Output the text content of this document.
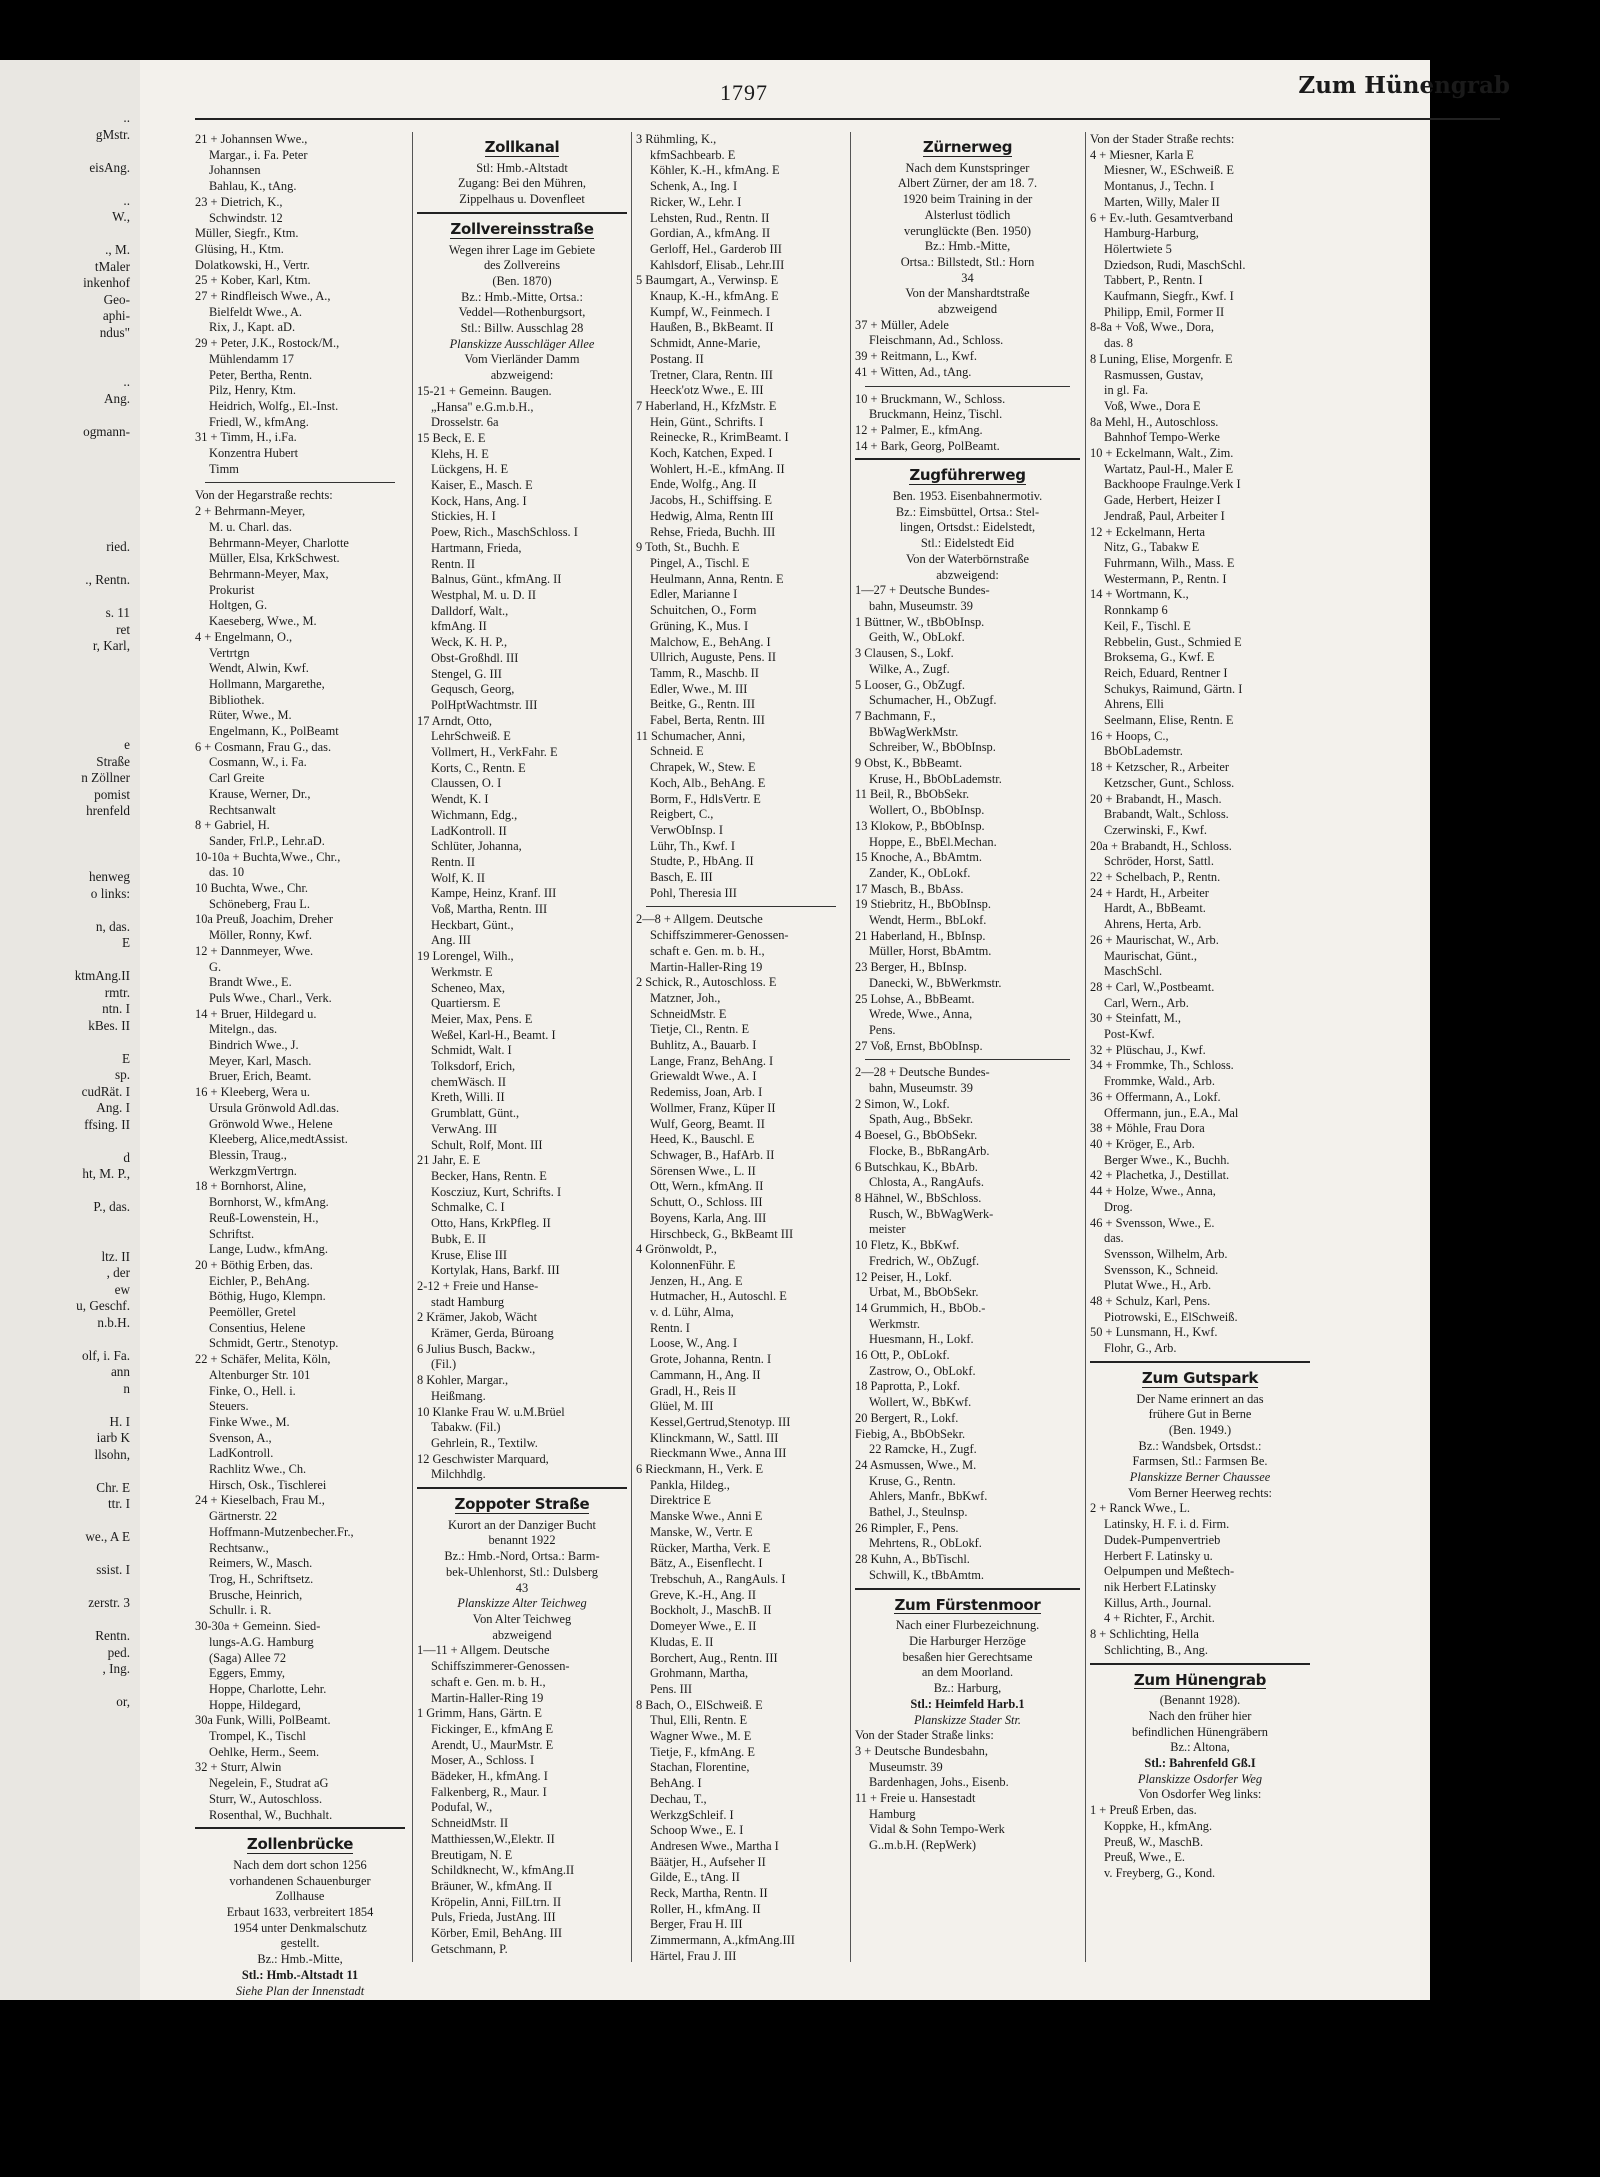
..
gMstr.

eisAng.

..
W.,

., M.
tMaler
inkenhof
Geo-
aphi-
ndus"

..
Ang.

ogmann-

ried.

., Rentn.

s. 11
ret
r, Karl,

e
Straße
n Zöllner
pomist
hrenfeld

henweg
o links:

n, das.
E

ktmAng.II
rmtr.
ntn. I
kBes. II

E
sp.
cudRät. I
Ang. I
ffsing. II

d
ht, M. P.,

P., das.

ltz. II
, der
ew
u, Geschf.
n.b.H.

olf, i. Fa.
ann
n

H. I
iarb K
llsohn,

Chr. E
ttr. I

we., A E

ssist. I

zerstr. 3

Rentn.
ped.
, Ing.

or,
1797	Zum Hünengrab
21 + Johannsen Wwe.,
Margar., i. Fa. Peter
Johannsen
Bahlau, K., tAng.
23 + Dietrich, K.,
Schwindstr. 12
Müller, Siegfr., Ktm.
Glüsing, H., Ktm.
Dolatkowski, H., Vertr.
25 + Kober, Karl, Ktm.
27 + Rindfleisch Wwe., A.,
Bielfeldt Wwe., A.
Rix, J., Kapt. aD.
29 + Peter, J.K., Rostock/M.,
Mühlendamm 17
Peter, Bertha, Rentn.
Pilz, Henry, Ktm.
Heidrich, Wolfg., El.-Inst.
Friedl, W., kfmAng.
31 + Timm, H., i.Fa.
Konzentra Hubert
Timm
Von der Hegarstraße rechts:
2 + Behrmann-Meyer,
M. u. Charl. das.
Behrmann-Meyer, Charlotte
Müller, Elsa, KrkSchwest.
Behrmann-Meyer, Max,
Prokurist
Holtgen, G.
Kaeseberg, Wwe., M.
4 + Engelmann, O.,
Vertrtgn
Wendt, Alwin, Kwf.
Hollmann, Margarethe,
Bibliothek.
Rüter, Wwe., M.
Engelmann, K., PolBeamt
6 + Cosmann, Frau G., das.
Cosmann, W., i. Fa.
Carl Greite
Krause, Werner, Dr.,
Rechtsanwalt
8 + Gabriel, H.
Sander, Frl.P., Lehr.aD.
10-10a + Buchta,Wwe., Chr.,
das. 10
10 Buchta, Wwe., Chr.
Schöneberg, Frau L.
10a Preuß, Joachim, Dreher
Möller, Ronny, Kwf.
12 + Dannmeyer, Wwe.
G.
Brandt Wwe., E.
Puls Wwe., Charl., Verk.
14 + Bruer, Hildegard u.
Mitelgn., das.
Bindrich Wwe., J.
Meyer, Karl, Masch.
Bruer, Erich, Beamt.
16 + Kleeberg, Wera u.
Ursula Grönwold Adl.das.
Grönwold Wwe., Helene
Kleeberg, Alice,medtAssist.
Blessin, Traug.,
WerkzgmVertrgn.
18 + Bornhorst, Aline,
Bornhorst, W., kfmAng.
Reuß-Lowenstein, H.,
Schriftst.
Lange, Ludw., kfmAng.
20 + Böthig Erben, das.
Eichler, P., BehAng.
Böthig, Hugo, Klempn.
Peemöller, Gretel
Consentius, Helene
Schmidt, Gertr., Stenotyp.
22 + Schäfer, Melita, Köln,
Altenburger Str. 101
Finke, O., Hell. i.
Steuers.
Finke Wwe., M.
Svenson, A.,
LadKontroll.
Rachlitz Wwe., Ch.
Hirsch, Osk., Tischlerei
24 + Kieselbach, Frau M.,
Gärtnerstr. 22
Hoffmann-Mutzenbecher.Fr.,
Rechtsanw.,
Reimers, W., Masch.
Trog, H., Schriftsetz.
Brusche, Heinrich,
Schullr. i. R.
30-30a + Gemeinn. Sied-
lungs-A.G. Hamburg
(Saga) Allee 72
Eggers, Emmy,
Hoppe, Charlotte, Lehr.
Hoppe, Hildegard,
30a Funk, Willi, PolBeamt.
Trompel, K., Tischl
Oehlke, Herm., Seem.
32 + Sturr, Alwin
Negelein, F., Studrat aG
Sturr, W., Autoschloss.
Rosenthal, W., Buchhalt.
Zollenbrücke
Nach dem dort schon 1256
vorhandenen Schauenburger
Zollhause
Erbaut 1633, verbreitert 1854
1954 unter Denkmalschutz
gestellt.
Bz.: Hmb.-Mitte,
Stl.: Hmb.-Altstadt 11
Siehe Plan der Innenstadt
Zollkanal
Stl: Hmb.-Altstadt
Zugang: Bei den Mühren,
Zippelhaus u. Dovenfleet
Zollvereinsstraße
Wegen ihrer Lage im Gebiete
des Zollvereins
(Ben. 1870)
Bz.: Hmb.-Mitte, Ortsa.:
Veddel—Rothenburgsort,
Stl.: Billw. Ausschlag 28
Planskizze Ausschläger Allee
Vom Vierländer Damm
abzweigend:
15-21 + Gemeinn. Baugen.
„Hansa" e.G.m.b.H.,
Drosselstr. 6a
15 Beck, E. E
Klehs, H. E
Lückgens, H. E
Kaiser, E., Masch. E
Kock, Hans, Ang. I
Stickies, H. I
Poew, Rich., MaschSchloss. I
Hartmann, Frieda,
Rentn. II
Balnus, Günt., kfmAng. II
Westphal, M. u. D. II
Dalldorf, Walt.,
kfmAng. II
Weck, K. H. P.,
Obst-Großhdl. III
Stengel, G. III
Gequsch, Georg,
PolHptWachtmstr. III
17 Arndt, Otto,
LehrSchweiß. E
Vollmert, H., VerkFahr. E
Korts, C., Rentn. E
Claussen, O. I
Wendt, K. I
Wichmann, Edg.,
LadKontroll. II
Schlüter, Johanna,
Rentn. II
Wolf, K. II
Kampe, Heinz, Kranf. III
Voß, Martha, Rentn. III
Heckbart, Günt.,
Ang. III
19 Lorengel, Wilh.,
Werkmstr. E
Scheneo, Max,
Quartiersm. E
Meier, Max, Pens. E
Weßel, Karl-H., Beamt. I
Schmidt, Walt. I
Tolksdorf, Erich,
chemWäsch. II
Kreth, Willi. II
Grumblatt, Günt.,
VerwAng. III
Schult, Rolf, Mont. III
21 Jahr, E. E
Becker, Hans, Rentn. E
Koscziuz, Kurt, Schrifts. I
Schmalke, C. I
Otto, Hans, KrkPfleg. II
Bubk, E. II
Kruse, Elise III
Kortylak, Hans, Barkf. III
2-12 + Freie und Hanse-
stadt Hamburg
2 Krämer, Jakob, Wächt
Krämer, Gerda, Büroang
6 Julius Busch, Backw.,
(Fil.)
8 Kohler, Margar.,
Heißmang.
10 Klanke Frau W. u.M.Brüel
Tabakw. (Fil.)
Gehrlein, R., Textilw.
12 Geschwister Marquard,
Milchhdlg.
Zoppoter Straße
Kurort an der Danziger Bucht
benannt 1922
Bz.: Hmb.-Nord, Ortsa.: Barm-
bek-Uhlenhorst, Stl.: Dulsberg
43
Planskizze Alter Teichweg
Von Alter Teichweg
abzweigend
1—11 + Allgem. Deutsche
Schiffszimmerer-Genossen-
schaft e. Gen. m. b. H.,
Martin-Haller-Ring 19
1 Grimm, Hans, Gärtn. E
Fickinger, E., kfmAng E
Arendt, U., MaurMstr. E
Moser, A., Schloss. I
Bädeker, H., kfmAng. I
Falkenberg, R., Maur. I
Podufal, W.,
SchneidMstr. II
Matthiessen,W.,Elektr. II
Breutigam, N. E
Schildknecht, W., kfmAng.II
Bräuner, W., kfmAng. II
Kröpelin, Anni, FilLtrn. II
Puls, Frieda, JustAng. III
Körber, Emil, BehAng. III
Getschmann, P.
3 Rühmling, K.,
kfmSachbearb. E
Köhler, K.-H., kfmAng. E
Schenk, A., Ing. I
Ricker, W., Lehr. I
Lehsten, Rud., Rentn. II
Gordian, A., kfmAng. II
Gerloff, Hel., Garderob III
Kahlsdorf, Elisab., Lehr.III
5 Baumgart, A., Verwinsp. E
Knaup, K.-H., kfmAng. E
Kumpf, W., Feinmech. I
Haußen, B., BkBeamt. II
Schmidt, Anne-Marie,
Postang. II
Tretner, Clara, Rentn. III
Heeck'otz Wwe., E. III
7 Haberland, H., KfzMstr. E
Hein, Günt., Schrifts. I
Reinecke, R., KrimBeamt. I
Koch, Katchen, Exped. I
Wohlert, H.-E., kfmAng. II
Ende, Wolfg., Ang. II
Jacobs, H., Schiffsing. E
Hedwig, Alma, Rentn III
Rehse, Frieda, Buchh. III
9 Toth, St., Buchh. E
Pingel, A., Tischl. E
Heulmann, Anna, Rentn. E
Edler, Marianne I
Schuitchen, O., Form
Grüning, K., Mus. I
Malchow, E., BehAng. I
Ullrich, Auguste, Pens. II
Tamm, R., Maschb. II
Edler, Wwe., M. III
Beitke, G., Rentn. III
Fabel, Berta, Rentn. III
11 Schumacher, Anni,
Schneid. E
Chrapek, W., Stew. E
Koch, Alb., BehAng. E
Borm, F., HdlsVertr. E
Reigbert, C.,
VerwObInsp. I
Lühr, Th., Kwf. I
Studte, P., HbAng. II
Basch, E. III
Pohl, Theresia III
2—8 + Allgem. Deutsche
Schiffszimmerer-Genossen-
schaft e. Gen. m. b. H.,
Martin-Haller-Ring 19
2 Schick, R., Autoschloss. E
Matzner, Joh.,
SchneidMstr. E
Tietje, Cl., Rentn. E
Buhlitz, A., Bauarb. I
Lange, Franz, BehAng. I
Griewaldt Wwe., A. I
Redemiss, Joan, Arb. I
Wollmer, Franz, Küper II
Wulf, Georg, Beamt. II
Heed, K., Bauschl. E
Schwager, B., HafArb. II
Sörensen Wwe., L. II
Ott, Wern., kfmAng. II
Schutt, O., Schloss. III
Boyens, Karla, Ang. III
Hirschbeck, G., BkBeamt III
4 Grönwoldt, P.,
KolonnenFühr. E
Jenzen, H., Ang. E
Hutmacher, H., Autoschl. E
v. d. Lühr, Alma,
Rentn. I
Loose, W., Ang. I
Grote, Johanna, Rentn. I
Cammann, H., Ang. II
Gradl, H., Reis II
Glüel, M. III
Kessel,Gertrud,Stenotyp. III
Klinckmann, W., Sattl. III
Rieckmann Wwe., Anna III
6 Rieckmann, H., Verk. E
Pankla, Hildeg.,
Direktrice E
Manske Wwe., Anni E
Manske, W., Vertr. E
Rücker, Martha, Verk. E
Bätz, A., Eisenflecht. I
Trebschuh, A., RangAuls. I
Greve, K.-H., Ang. II
Bockholt, J., MaschB. II
Domeyer Wwe., E. II
Kludas, E. II
Borchert, Aug., Rentn. III
Grohmann, Martha,
Pens. III
8 Bach, O., ElSchweiß. E
Thul, Elli, Rentn. E
Wagner Wwe., M. E
Tietje, F., kfmAng. E
Stachan, Florentine,
BehAng. I
Dechau, T.,
WerkzgSchleif. I
Schoop Wwe., E. I
Andresen Wwe., Martha I
Bäätjer, H., Aufseher II
Gilde, E., tAng. II
Reck, Martha, Rentn. II
Roller, H., kfmAng. II
Berger, Frau H. III
Zimmermann, A.,kfmAng.III
Härtel, Frau J. III
Zürnerweg
Nach dem Kunstspringer
Albert Zürner, der am 18. 7.
1920 beim Training in der
Alsterlust tödlich
verunglückte (Ben. 1950)
Bz.: Hmb.-Mitte,
Ortsa.: Billstedt, Stl.: Horn
34
Von der Manshardtstraße
abzweigend
37 + Müller, Adele
Fleischmann, Ad., Schloss.
39 + Reitmann, L., Kwf.
41 + Witten, Ad., tAng.
10 + Bruckmann, W., Schloss.
Bruckmann, Heinz, Tischl.
12 + Palmer, E., kfmAng.
14 + Bark, Georg, PolBeamt.
Zugführerweg
Ben. 1953. Eisenbahnermotiv.
Bz.: Eimsbüttel, Ortsa.: Stel-
lingen, Ortsdst.: Eidelstedt,
Stl.: Eidelstedt Eid
Von der Waterbörnstraße
abzweigend:
1—27 + Deutsche Bundes-
bahn, Museumstr. 39
1 Büttner, W., tBbObInsp.
Geith, W., ObLokf.
3 Clausen, S., Lokf.
Wilke, A., Zugf.
5 Looser, G., ObZugf.
Schumacher, H., ObZugf.
7 Bachmann, F.,
BbWagWerkMstr.
Schreiber, W., BbObInsp.
9 Obst, K., BbBeamt.
Kruse, H., BbObLademstr.
11 Beil, R., BbObSekr.
Wollert, O., BbObInsp.
13 Klokow, P., BbObInsp.
Hoppe, E., BbEl.Mechan.
15 Knoche, A., BbAmtm.
Zander, K., ObLokf.
17 Masch, B., BbAss.
19 Stiebritz, H., BbObInsp.
Wendt, Herm., BbLokf.
21 Haberland, H., BbInsp.
Müller, Horst, BbAmtm.
23 Berger, H., BbInsp.
Danecki, W., BbWerkmstr.
25 Lohse, A., BbBeamt.
Wrede, Wwe., Anna,
Pens.
27 Voß, Ernst, BbObInsp.
2—28 + Deutsche Bundes-
bahn, Museumstr. 39
2 Simon, W., Lokf.
Spath, Aug., BbSekr.
4 Boesel, G., BbObSekr.
Flocke, B., BbRangArb.
6 Butschkau, K., BbArb.
Chlosta, A., RangAufs.
8 Hähnel, W., BbSchloss.
Rusch, W., BbWagWerk-
meister
10 Fletz, K., BbKwf.
Fredrich, W., ObZugf.
12 Peiser, H., Lokf.
Urbat, M., BbObSekr.
14 Grummich, H., BbOb.-
Werkmstr.
Huesmann, H., Lokf.
16 Ott, P., ObLokf.
Zastrow, O., ObLokf.
18 Paprotta, P., Lokf.
Wollert, W., BbKwf.
20 Bergert, R., Lokf.
Fiebig, A., BbObSekr.
22 Ramcke, H., Zugf.
24 Asmussen, Wwe., M.
Kruse, G., Rentn.
Ahlers, Manfr., BbKwf.
Bathel, J., Steulnsp.
26 Rimpler, F., Pens.
Mehrtens, R., ObLokf.
28 Kuhn, A., BbTischl.
Schwill, K., tBbAmtm.
Zum Fürstenmoor
Nach einer Flurbezeichnung.
Die Harburger Herzöge
besaßen hier Gerechtsame
an dem Moorland.
Bz.: Harburg,
Stl.: Heimfeld Harb.1
Planskizze Stader Str.
Von der Stader Straße links:
3 + Deutsche Bundesbahn,
Museumstr. 39
Bardenhagen, Johs., Eisenb.
11 + Freie u. Hansestadt
Hamburg
Vidal & Sohn Tempo-Werk
G..m.b.H. (RepWerk)
Von der Stader Straße rechts:
4 + Miesner, Karla E
Miesner, W., ESchweiß. E
Montanus, J., Techn. I
Marten, Willy, Maler II
6 + Ev.-luth. Gesamtverband
Hamburg-Harburg,
Hölertwiete 5
Dziedson, Rudi, MaschSchl.
Tabbert, P., Rentn. I
Kaufmann, Siegfr., Kwf. I
Philipp, Emil, Former II
8-8a + Voß, Wwe., Dora,
das. 8
8 Luning, Elise, Morgenfr. E
Rasmussen, Gustav,
in gl. Fa.
Voß, Wwe., Dora E
8a Mehl, H., Autoschloss.
Bahnhof Tempo-Werke
10 + Eckelmann, Walt., Zim.
Wartatz, Paul-H., Maler E
Backhoope Fraulnge.Verk I
Gade, Herbert, Heizer I
Jendraß, Paul, Arbeiter I
12 + Eckelmann, Herta
Nitz, G., Tabakw E
Fuhrmann, Wilh., Mass. E
Westermann, P., Rentn. I
14 + Wortmann, K.,
Ronnkamp 6
Keil, F., Tischl. E
Rebbelin, Gust., Schmied E
Broksema, G., Kwf. E
Reich, Eduard, Rentner I
Schukys, Raimund, Gärtn. I
Ahrens, Elli
Seelmann, Elise, Rentn. E
16 + Hoops, C.,
BbObLademstr.
18 + Ketzscher, R., Arbeiter
Ketzscher, Gunt., Schloss.
20 + Brabandt, H., Masch.
Brabandt, Walt., Schloss.
Czerwinski, F., Kwf.
20a + Brabandt, H., Schloss.
Schröder, Horst, Sattl.
22 + Schelbach, P., Rentn.
24 + Hardt, H., Arbeiter
Hardt, A., BbBeamt.
Ahrens, Herta, Arb.
26 + Maurischat, W., Arb.
Maurischat, Günt.,
MaschSchl.
28 + Carl, W.,Postbeamt.
Carl, Wern., Arb.
30 + Steinfatt, M.,
Post-Kwf.
32 + Plüschau, J., Kwf.
34 + Frommke, Th., Schloss.
Frommke, Wald., Arb.
36 + Offermann, A., Lokf.
Offermann, jun., E.A., Mal
38 + Möhle, Frau Dora
40 + Kröger, E., Arb.
Berger Wwe., K., Buchh.
42 + Plachetka, J., Destillat.
44 + Holze, Wwe., Anna,
Drog.
46 + Svensson, Wwe., E.
das.
Svensson, Wilhelm, Arb.
Svensson, K., Schneid.
Plutat Wwe., H., Arb.
48 + Schulz, Karl, Pens.
Piotrowski, E., ElSchweiß.
50 + Lunsmann, H., Kwf.
Flohr, G., Arb.
Zum Gutspark
Der Name erinnert an das
frühere Gut in Berne
(Ben. 1949.)
Bz.: Wandsbek, Ortsdst.:
Farmsen, Stl.: Farmsen Be.
Planskizze Berner Chaussee
Vom Berner Heerweg rechts:
2 + Ranck Wwe., L.
Latinsky, H. F. i. d. Firm.
Dudek-Pumpenvertrieb
Herbert F. Latinsky u.
Oelpumpen und Meßtech-
nik Herbert F.Latinsky
Killus, Arth., Journal.
4 + Richter, F., Archit.
8 + Schlichting, Hella
Schlichting, B., Ang.
Zum Hünengrab
(Benannt 1928).
Nach den früher hier
befindlichen Hünengräbern
Bz.: Altona,
Stl.: Bahrenfeld Gß.I
Planskizze Osdorfer Weg
Von Osdorfer Weg links:
1 + Preuß Erben, das.
Koppke, H., kfmAng.
Preuß, W., MaschB.
Preuß, Wwe., E.
v. Freyberg, G., Kond.
